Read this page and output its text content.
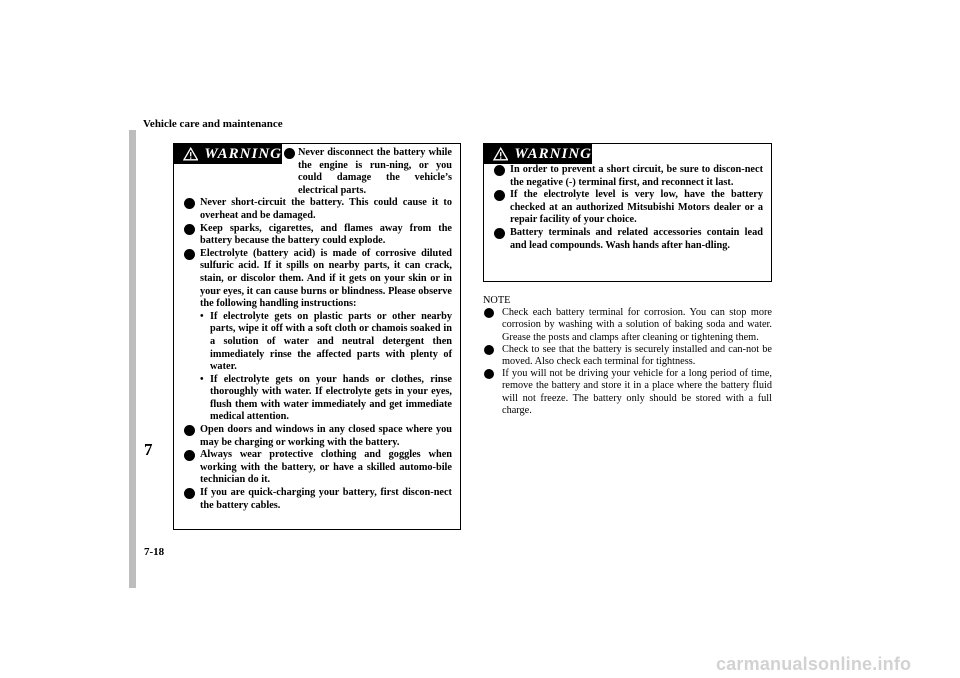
Vehicle care and maintenance
7
7-18
WARNING	Never disconnect the battery while the engine is run-ning, or you could damage the vehicle’s electrical parts.
Never short-circuit the battery. This could cause it to overheat and be damaged.
Keep sparks, cigarettes, and flames away from the battery because the battery could explode.
Electrolyte (battery acid) is made of corrosive diluted sulfuric acid. If it spills on nearby parts, it can crack, stain, or discolor them. And if it gets on your skin or in your eyes, it can cause burns or blindness. Please observe the following handling instructions:
• If electrolyte gets on plastic parts or other nearby parts, wipe it off with a soft cloth or chamois soaked in a solution of water and neutral detergent then immediately rinse the affected parts with plenty of water.
• If electrolyte gets on your hands or clothes, rinse thoroughly with water. If electrolyte gets in your eyes, flush them with water immediately and get immediate medical attention.
Open doors and windows in any closed space where you may be charging or working with the battery.
Always wear protective clothing and goggles when working with the battery, or have a skilled automo-bile technician do it.
If you are quick-charging your battery, first discon-nect the battery cables.
WARNING
In order to prevent a short circuit, be sure to discon-nect the negative (-) terminal first, and reconnect it last.
If the electrolyte level is very low, have the battery checked at an authorized Mitsubishi Motors dealer or a repair facility of your choice.
Battery terminals and related accessories contain lead and lead compounds. Wash hands after han-dling.
NOTE
Check each battery terminal for corrosion. You can stop more corrosion by washing with a solution of baking soda and water. Grease the posts and clamps after cleaning or tightening them.
Check to see that the battery is securely installed and can-not be moved. Also check each terminal for tightness.
If you will not be driving your vehicle for a long period of time, remove the battery and store it in a place where the battery fluid will not freeze. The battery only should be stored with a full charge.
carmanualsonline.info
